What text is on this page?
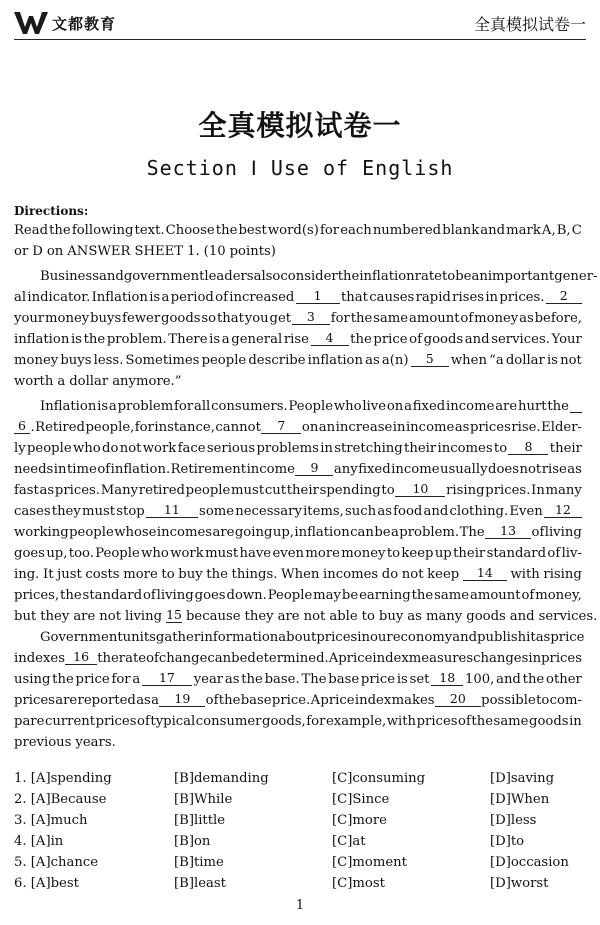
文都教育	全真模拟试卷一
全真模拟试卷一
Section Ⅰ Use of English
Directions:
Read the following text. Choose the best word(s) for each numbered blank and mark A, B, C
or D on ANSWER SHEET 1. (10 points)
Business and government leaders also consider the inflation rate to be an important gener-
al indicator. Inflation is a period of increased	1	that causes rapid rises in prices.	2
your money buys fewer goods so that you get	3	for the same amount of money as before,
inflation is the problem. There is a general rise	4	the price of goods and services. Your
money buys less. Sometimes people describe inflation as a(n)	5	when “a dollar is not
worth a dollar anymore.”
Inflation is a problem for all consumers. People who live on a fixed income are hurt the
6 . Retired people, for instance, cannot	7	on an increase in income as prices rise. Elder-
ly people who do not work face serious problems in stretching their incomes to	8	their
needs in time of inflation. Retirement income	9	any fixed income usually does not rise as
fast as prices. Many retired people must cut their spending to	10	rising prices. In many
cases they must stop	11	some necessary items, such as food and clothing. Even 12
working people whose incomes are going up, inflation can be a problem. The	13	of living
goes up, too. People who work must have even more money to keep up their standard of liv-
ing. It just costs more to buy the things. When incomes do not keep	14	with rising
prices, the standard of living goes down. People may be earning the same amount of money,
but they are not living 15 because they are not able to buy as many goods and services.
Government units gather information about prices in our economy and publish it as price
indexes 16 the rate of change can be determined. A price index measures changes in prices
using the price for a	17	year as the base. The base price is set 18 100, and the other
prices are reported as a	19	of the base price. A price index makes	20	possible to com-
pare current prices of typical consumer goods, for example, with prices of the same goods in
previous years.
1. [A]spending	[B]demanding	[C]consuming	[D]saving
2. [A]Because	[B]While	[C]Since	[D]When
3. [A]much	[B]little	[C]more	[D]less
4. [A]in	[B]on	[C]at	[D]to
5. [A]chance	[B]time	[C]moment	[D]occasion
6. [A]best	[B]least	[C]most	[D]worst
1
